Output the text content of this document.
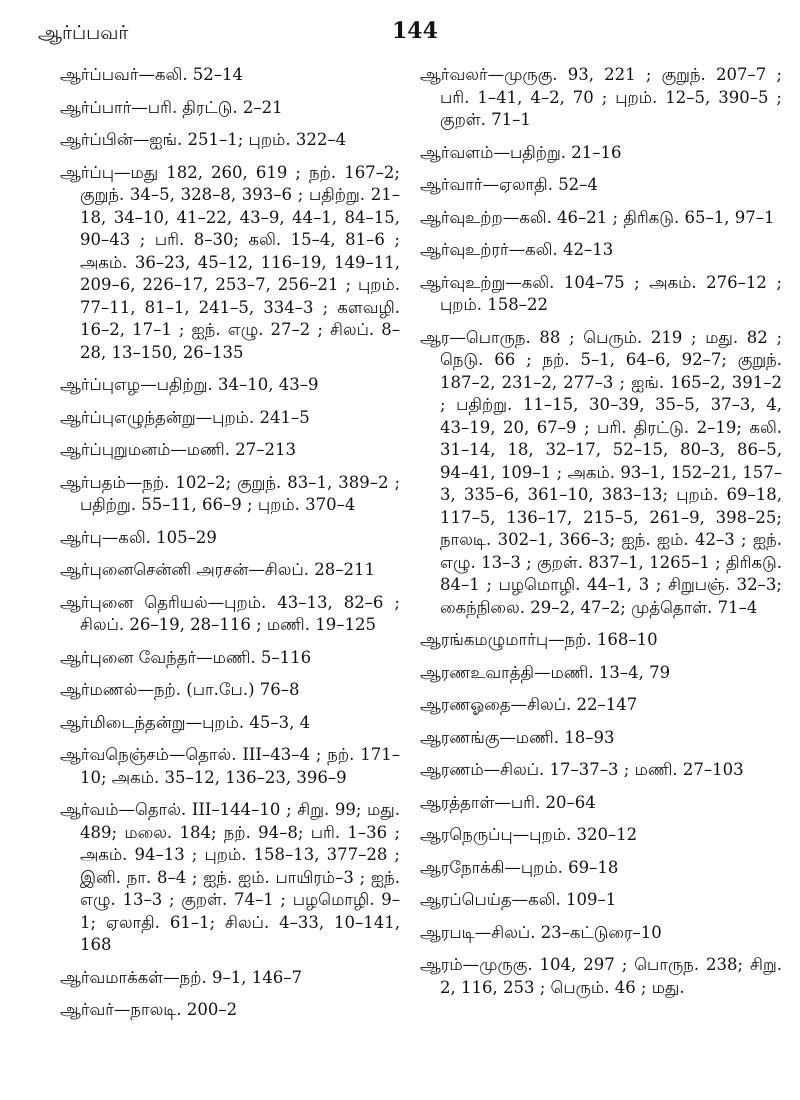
ஆர்ப்பவர்	144
ஆர்ப்பவர்—கலி. 52–14
ஆர்ப்பார்—பரி. திரட்டு. 2–21
ஆர்ப்பின்—ஐங். 251–1; புறம். 322–4
ஆர்ப்பு—மது 182, 260, 619 ; நற். 167–2; குறுந். 34–5, 328–8, 393–6 ; பதிற்று. 21–18, 34–10, 41–22, 43–9, 44–1, 84–15, 90–43 ; பரி. 8–30; கலி. 15–4, 81–6 ; அகம். 36–23, 45–12, 116–19, 149–11, 209–6, 226–17, 253–7, 256–21 ; புறம். 77–11, 81–1, 241–5, 334–3 ; களவழி. 16–2, 17–1 ; ஐந். எழு. 27–2 ; சிலப். 8–28, 13–150, 26–135
ஆர்ப்புஎழ—பதிற்று. 34–10, 43–9
ஆர்ப்புஎழுந்தன்று—புறம். 241–5
ஆர்ப்புறுமனம்—மணி. 27–213
ஆர்பதம்—நற். 102–2; குறுந். 83–1, 389–2 ; பதிற்று. 55–11, 66–9 ; புறம். 370–4
ஆர்பு—கலி. 105–29
ஆர்புனைசென்னி அரசன்—சிலப். 28–211
ஆர்புனை தெரியல்—புறம். 43–13, 82–6 ; சிலப். 26–19, 28–116 ; மணி. 19–125
ஆர்புனை வேந்தர்—மணி. 5–116
ஆர்மணல்—நற். (பா.பே.) 76–8
ஆர்மிடைந்தன்று—புறம். 45–3, 4
ஆர்வநெஞ்சம்—தொல். III–43–4 ; நற். 171–10; அகம். 35–12, 136–23, 396–9
ஆர்வம்—தொல். III–144–10 ; சிறு. 99; மது. 489; மலை. 184; நற். 94–8; பரி. 1–36 ; அகம். 94–13 ; புறம். 158–13, 377–28 ; இனி. நா. 8–4 ; ஐந். ஐம். பாயிரம்–3 ; ஐந். எழு. 13–3 ; குறள். 74–1 ; பழமொழி. 9–1; ஏலாதி. 61–1; சிலப். 4–33, 10–141, 168
ஆர்வமாக்கள்—நற். 9–1, 146–7
ஆர்வர்—நாலடி. 200–2
ஆர்வலர்—முருகு. 93, 221 ; குறுந். 207–7 ; பரி. 1–41, 4–2, 70 ; புறம். 12–5, 390–5 ; குறள். 71–1
ஆர்வளம்—பதிற்று. 21–16
ஆர்வார்—ஏலாதி. 52–4
ஆர்வுஉற்ற—கலி. 46–21 ; திரிகடு. 65–1, 97–1
ஆர்வுஉற்ரர்—கலி. 42–13
ஆர்வுஉற்று—கலி. 104–75 ; அகம். 276–12 ; புறம். 158–22
ஆர—பொருந. 88 ; பெரும். 219 ; மது. 82 ; நெடு. 66 ; நற். 5–1, 64–6, 92–7; குறுந். 187–2, 231–2, 277–3 ; ஐங். 165–2, 391–2 ; பதிற்று. 11–15, 30–39, 35–5, 37–3, 4, 43–19, 20, 67–9 ; பரி. திரட்டு. 2–19; கலி. 31–14, 18, 32–17, 52–15, 80–3, 86–5, 94–41, 109–1 ; அகம். 93–1, 152–21, 157–3, 335–6, 361–10, 383–13; புறம். 69–18, 117–5, 136–17, 215–5, 261–9, 398–25; நாலடி. 302–1, 366–3; ஐந். ஐம். 42–3 ; ஐந். எழு. 13–3 ; குறள். 837–1, 1265–1 ; திரிகடு. 84–1 ; பழமொழி. 44–1, 3 ; சிறுபஞ். 32–3; கைந்நிலை. 29–2, 47–2; முத்தொள். 71–4
ஆரங்கமழுமார்பு—நற். 168–10
ஆரணஉவாத்தி—மணி. 13–4, 79
ஆரணஓதை—சிலப். 22–147
ஆரணங்கு—மணி. 18–93
ஆரணம்—சிலப். 17–37–3 ; மணி. 27–103
ஆரத்தாள்—பரி. 20–64
ஆரநெருப்பு—புறம். 320–12
ஆரநோக்கி—புறம். 69–18
ஆரப்பெய்த—கலி. 109–1
ஆரபடி—சிலப். 23–கட்டுரை–10
ஆரம்—முருகு. 104, 297 ; பொருந. 238; சிறு. 2, 116, 253 ; பெரும். 46 ; மது.
